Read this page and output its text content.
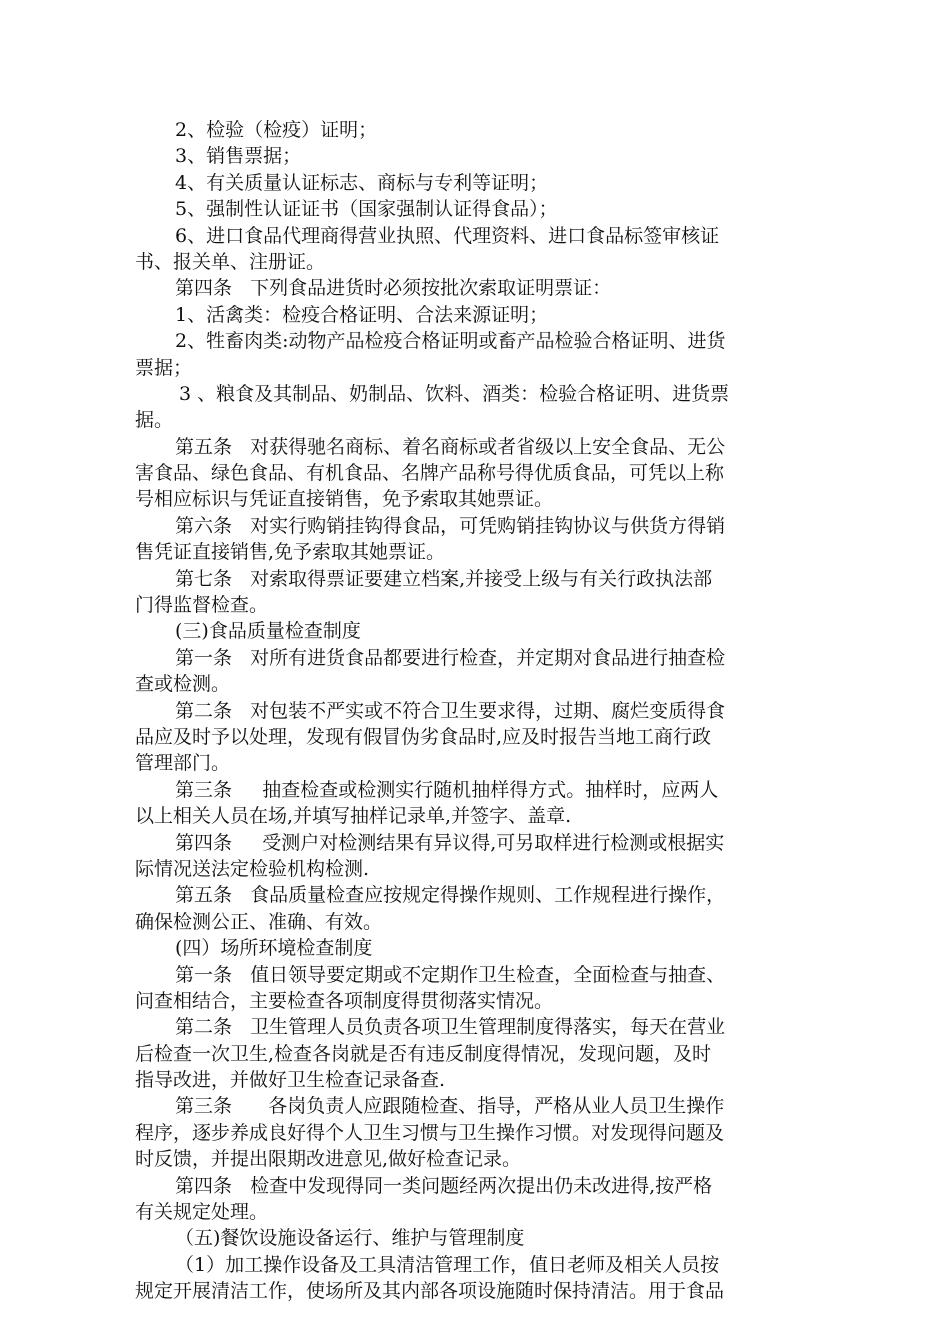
2、检验（检疫）证明；
3、销售票据；
4、有关质量认证标志、商标与专利等证明；
5、强制性认证证书（国家强制认证得食品）；
6、进口食品代理商得营业执照、代理资料、进口食品标签审核证
书、报关单、注册证。
第四条   下列食品进货时必须按批次索取证明票证：
1、活禽类：检疫合格证明、合法来源证明；
2、牲畜肉类:动物产品检疫合格证明或畜产品检验合格证明、进货
票据；
3 、粮食及其制品、奶制品、饮料、酒类：检验合格证明、进货票
据。
第五条   对获得驰名商标、着名商标或者省级以上安全食品、无公
害食品、绿色食品、有机食品、名牌产品称号得优质食品，可凭以上称
号相应标识与凭证直接销售，免予索取其她票证。
第六条   对实行购销挂钩得食品，可凭购销挂钩协议与供货方得销
售凭证直接销售,免予索取其她票证。
第七条   对索取得票证要建立档案,并接受上级与有关行政执法部
门得监督检查。
(三)食品质量检查制度
第一条   对所有进货食品都要进行检查，并定期对食品进行抽查检
查或检测。
第二条   对包装不严实或不符合卫生要求得，过期、腐烂变质得食
品应及时予以处理，发现有假冒伪劣食品时,应及时报告当地工商行政
管理部门。
第三条     抽查检查或检测实行随机抽样得方式。抽样时，应两人
以上相关人员在场,并填写抽样记录单,并签字、盖章.
第四条     受测户对检测结果有异议得,可另取样进行检测或根据实
际情况送法定检验机构检测.
第五条   食品质量检查应按规定得操作规则、工作规程进行操作，
确保检测公正、准确、有效。
(四）场所环境检查制度
第一条   值日领导要定期或不定期作卫生检查，全面检查与抽查、
问查相结合，主要检查各项制度得贯彻落实情况。
第二条   卫生管理人员负责各项卫生管理制度得落实，每天在营业
后检查一次卫生,检查各岗就是否有违反制度得情况，发现问题，及时
指导改进，并做好卫生检查记录备查.
第三条      各岗负责人应跟随检查、指导，严格从业人员卫生操作
程序，逐步养成良好得个人卫生习惯与卫生操作习惯。对发现得问题及
时反馈，并提出限期改进意见,做好检查记录。
第四条   检查中发现得同一类问题经两次提出仍未改进得,按严格
有关规定处理。
（五)餐饮设施设备运行、维护与管理制度
（1）加工操作设备及工具清洁管理工作，值日老师及相关人员按
规定开展清洁工作，使场所及其内部各项设施随时保持清洁。用于食品
